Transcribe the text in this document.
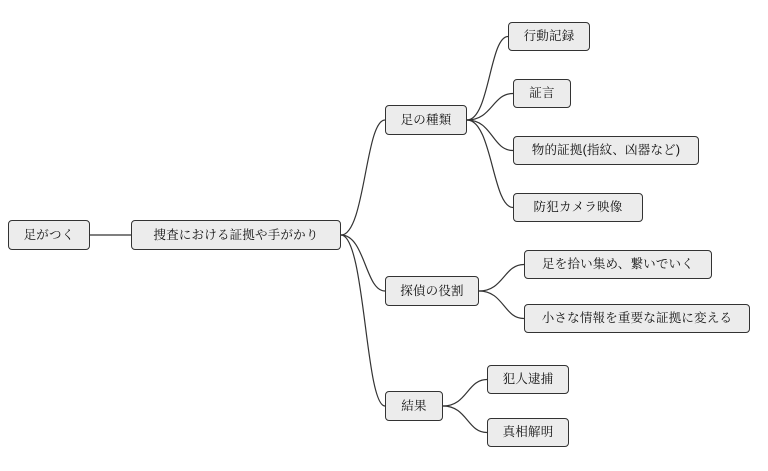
足がつく	捜査における証拠や手がかり
足の種類
行動記録
証言
物的証拠(指紋、凶器など)
防犯カメラ映像
探偵の役割
足を拾い集め、繋いでいく
小さな情報を重要な証拠に変える
結果
犯人逮捕
真相解明
